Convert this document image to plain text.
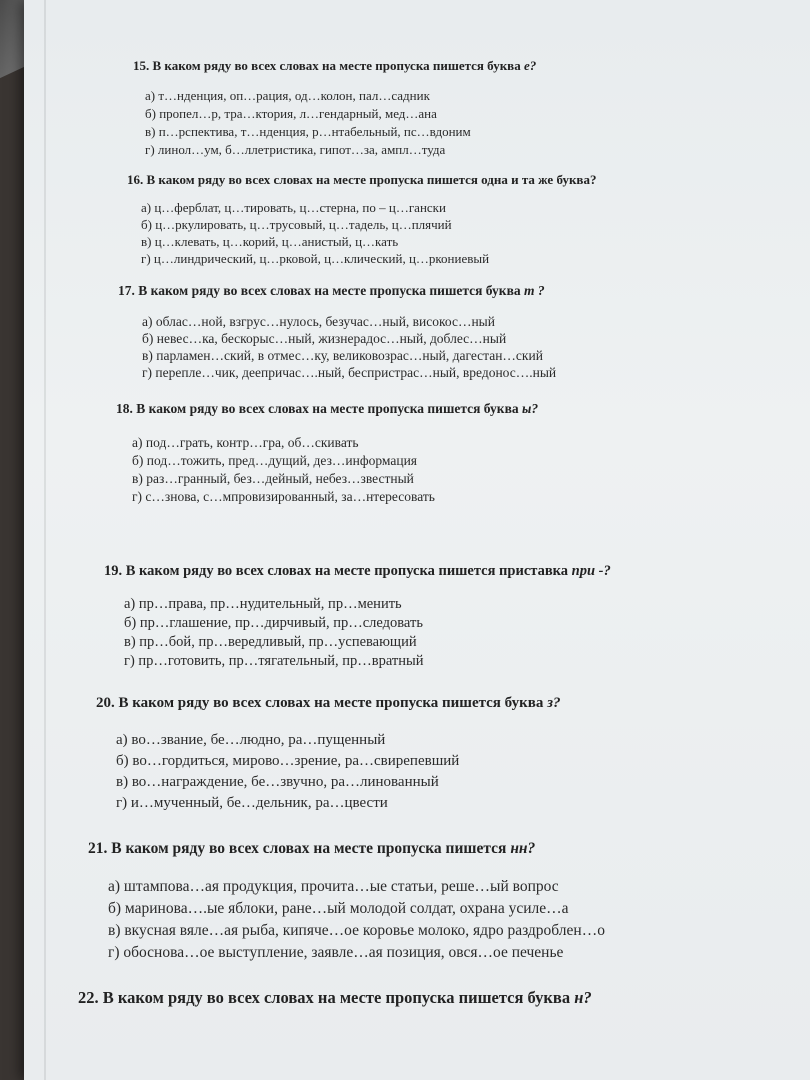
15. В каком ряду во всех словах на месте пропуска пишется буква е?
а) т…нденция, оп…рация, од…колон, пал…садник
б) пропел…р, тра…ктория, л…гендарный, мед…ана
в) п…рспектива, т…нденция, р…нтабельный, пс…вдоним
г) линол…ум, б…ллетристика, гипот…за, ампл…туда
16. В каком ряду во всех словах на месте пропуска пишется одна и та же буква?
а) ц…ферблат, ц…тировать, ц…стерна, по – ц…гански
б) ц…ркулировать, ц…трусовый, ц…тадель, ц…плячий
в) ц…клевать, ц…корий, ц…анистый, ц…кать
г) ц…линдрический, ц…рковой, ц…клический, ц…ркониевый
17. В каком ряду во всех словах на месте пропуска пишется буква т ?
а) облас…ной, взгрус…нулось, безучас…ный, високос…ный
б) невес…ка, бескорыс…ный, жизнерадос…ный, доблес…ный
в) парламен…ский, в отмес…ку, великовозрас…ный, дагестан…ский
г) перепле…чик, деепричас….ный, беспристрас…ный, вредонос….ный
18. В каком ряду во всех словах на месте пропуска пишется буква ы?
а) под…грать, контр…гра, об…скивать
б) под…тожить, пред…дущий, дез…информация
в) раз…гранный, без…дейный, небез…звестный
г) с…знова, с…мпровизированный, за…нтересовать
19. В каком ряду во всех словах на месте пропуска пишется приставка при -?
а) пр…права, пр…нудительный, пр…менить
б) пр…глашение, пр…дирчивый, пр…следовать
в) пр…бой, пр…вередливый, пр…успевающий
г) пр…готовить, пр…тягательный, пр…вратный
20. В каком ряду во всех словах на месте пропуска пишется буква з?
а) во…звание, бе…людно, ра…пущенный
б) во…гордиться, мирово…зрение, ра…свирепевший
в) во…награждение, бе…звучно, ра…линованный
г) и…мученный, бе…дельник, ра…цвести
21. В каком ряду во всех словах на месте пропуска пишется нн?
а) штампова…ая продукция, прочита…ые статьи, реше…ый вопрос
б) маринова….ые яблоки, ране…ый молодой солдат, охрана усиле…а
в) вкусная вяле…ая рыба, кипяче…ое коровье молоко, ядро раздроблен…о
г) обоснова…ое выступление, заявле…ая позиция, овся…ое печенье
22. В каком ряду во всех словах на месте пропуска пишется буква н?
